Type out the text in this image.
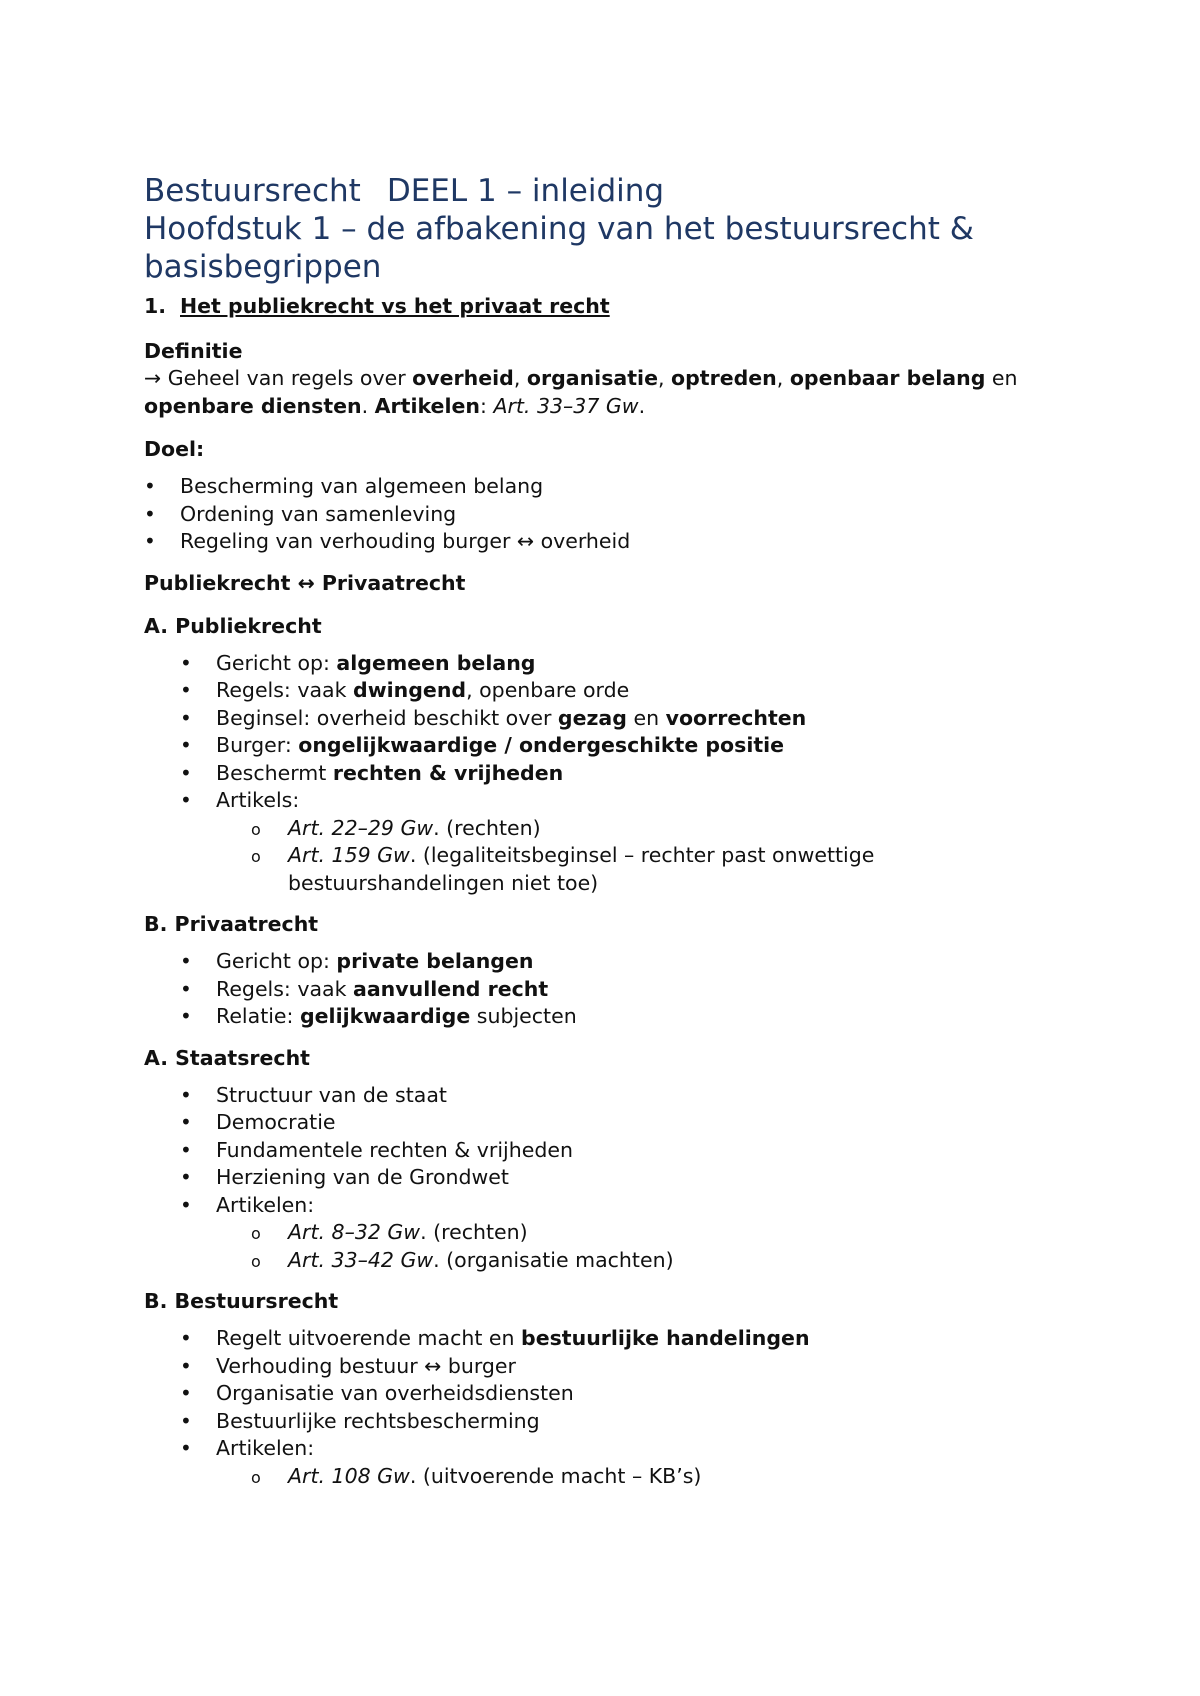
Bestuursrecht DEEL 1 – inleiding
Hoofdstuk 1 – de afbakening van het bestuursrecht &
basisbegrippen
1. Het publiekrecht vs het privaat recht
Definitie

→ Geheel van regels over overheid, organisatie, optreden, openbaar belang en openbare diensten. Artikelen: Art. 33–37 Gw.

Doel:
• Bescherming van algemeen belang
• Ordening van samenleving
• Regeling van verhouding burger ↔ overheid
Publiekrecht ↔ Privaatrecht
A. Publiekrecht
• Gericht op: algemeen belang
• Regels: vaak dwingend, openbare orde
• Beginsel: overheid beschikt over gezag en voorrechten
• Burger: ongelijkwaardige / ondergeschikte positie
• Beschermt rechten & vrijheden
• Artikels:
o Art. 22–29 Gw. (rechten)
o Art. 159 Gw. (legaliteitsbeginsel – rechter past onwettige bestuurshandelingen niet toe)
B. Privaatrecht
• Gericht op: private belangen
• Regels: vaak aanvullend recht
• Relatie: gelijkwaardige subjecten
A. Staatsrecht
• Structuur van de staat
• Democratie
• Fundamentele rechten & vrijheden
• Herziening van de Grondwet
• Artikelen:
o Art. 8–32 Gw. (rechten)
o Art. 33–42 Gw. (organisatie machten)
B. Bestuursrecht
• Regelt uitvoerende macht en bestuurlijke handelingen
• Verhouding bestuur ↔ burger
• Organisatie van overheidsdiensten
• Bestuurlijke rechtsbescherming
• Artikelen:
o Art. 108 Gw. (uitvoerende macht – KB’s)
